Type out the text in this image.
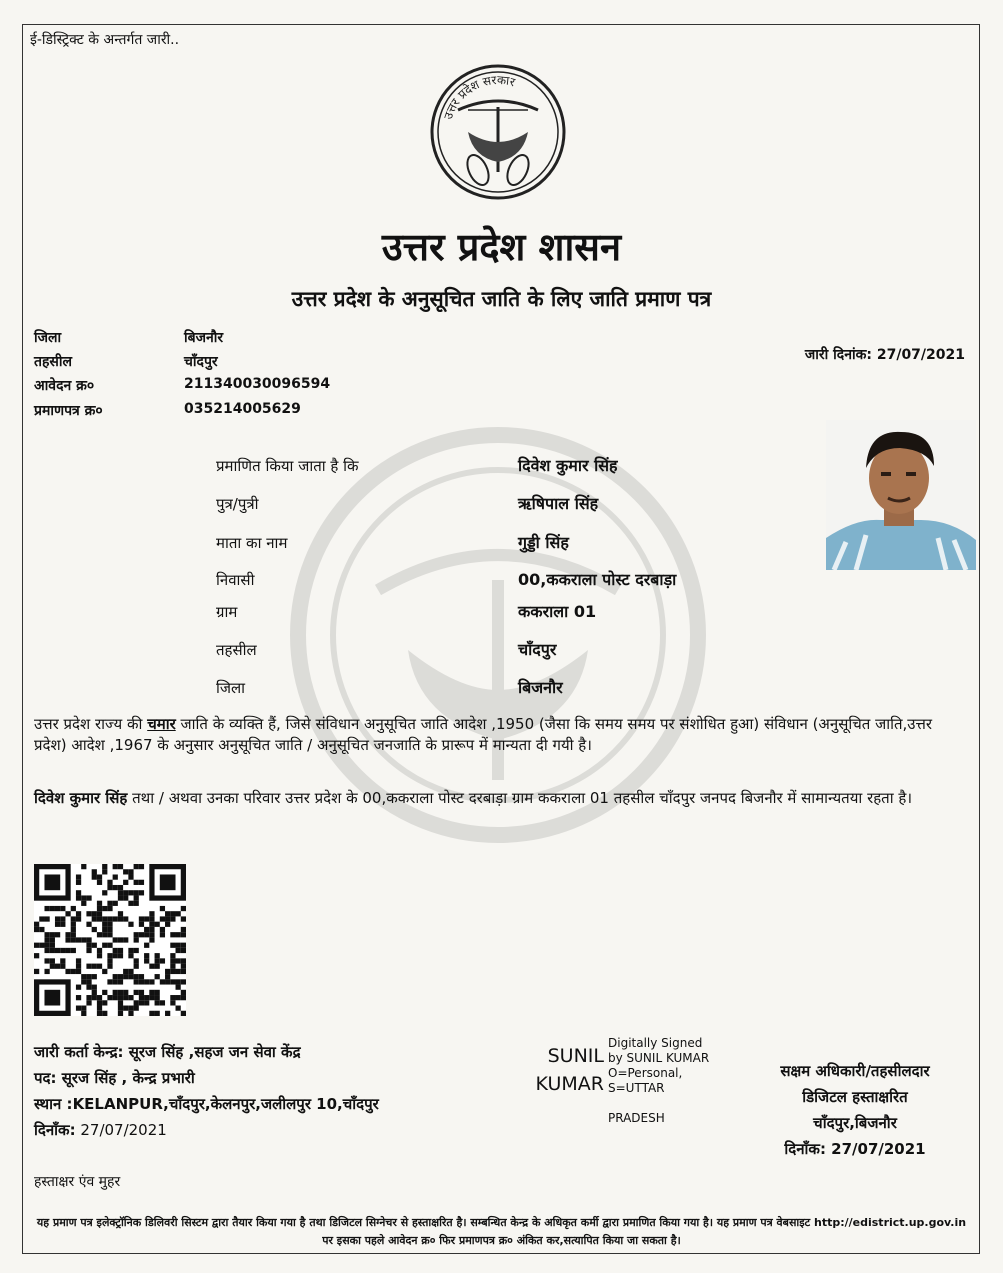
ई-डिस्ट्रिक्ट के अन्तर्गत जारी..
उत्तर प्रदेश सरकार
उत्तर प्रदेश शासन
उत्तर प्रदेश के अनुसूचित जाति के लिए जाति प्रमाण पत्र
जिला	बिजनौर
तहसील	चाँदपुर
आवेदन क्र०	211340030096594
प्रमाणपत्र क्र०	035214005629
जारी दिनांक: 27/07/2021
प्रमाणित किया जाता है कि	दिवेश कुमार सिंह
पुत्र/पुत्री	ऋषिपाल सिंह
माता का नाम	गुड्डी सिंह
निवासी	00,ककराला पोस्ट दरबाड़ा
ग्राम	ककराला 01
तहसील	चाँदपुर
जिला	बिजनौर
उत्तर प्रदेश राज्य की चमार जाति के व्यक्ति हैं, जिसे संविधान अनुसूचित जाति आदेश ,1950 (जैसा कि समय समय पर संशोधित हुआ) संविधान (अनुसूचित जाति,उत्तर प्रदेश) आदेश ,1967 के अनुसार अनुसूचित जाति / अनुसूचित जनजाति के प्रारूप में मान्यता दी गयी है।
दिवेश कुमार सिंह तथा / अथवा उनका परिवार उत्तर प्रदेश के 00,ककराला पोस्ट दरबाड़ा ग्राम ककराला 01 तहसील चाँदपुर जनपद बिजनौर में सामान्यतया रहता है।
जारी कर्ता केन्द्र: सूरज सिंह ,सहज जन सेवा केंद्र
पद: सूरज सिंह , केन्द्र प्रभारी
स्थान :KELANPUR,चाँदपुर,केलनपुर,जलीलपुर 10,चाँदपुर
दिनाँक: 27/07/2021
SUNIL
KUMAR
Digitally Signed
by SUNIL KUMAR
O=Personal,
S=UTTAR
PRADESH
सक्षम अधिकारी/तहसीलदार
डिजिटल हस्ताक्षरित
चाँदपुर,बिजनौर
दिनाँक: 27/07/2021
हस्ताक्षर एंव मुहर
यह प्रमाण पत्र इलेक्ट्रॉनिक डिलिवरी सिस्टम द्वारा तैयार किया गया है तथा डिजिटल सिग्नेचर से हस्ताक्षरित है। सम्बन्धित केन्द्र के अधिकृत कर्मी द्वारा प्रमाणित किया गया है। यह प्रमाण पत्र वेबसाइट http://edistrict.up.gov.in पर इसका पहले आवेदन क्र० फिर प्रमाणपत्र क्र० अंकित कर,सत्यापित किया जा सकता है।
